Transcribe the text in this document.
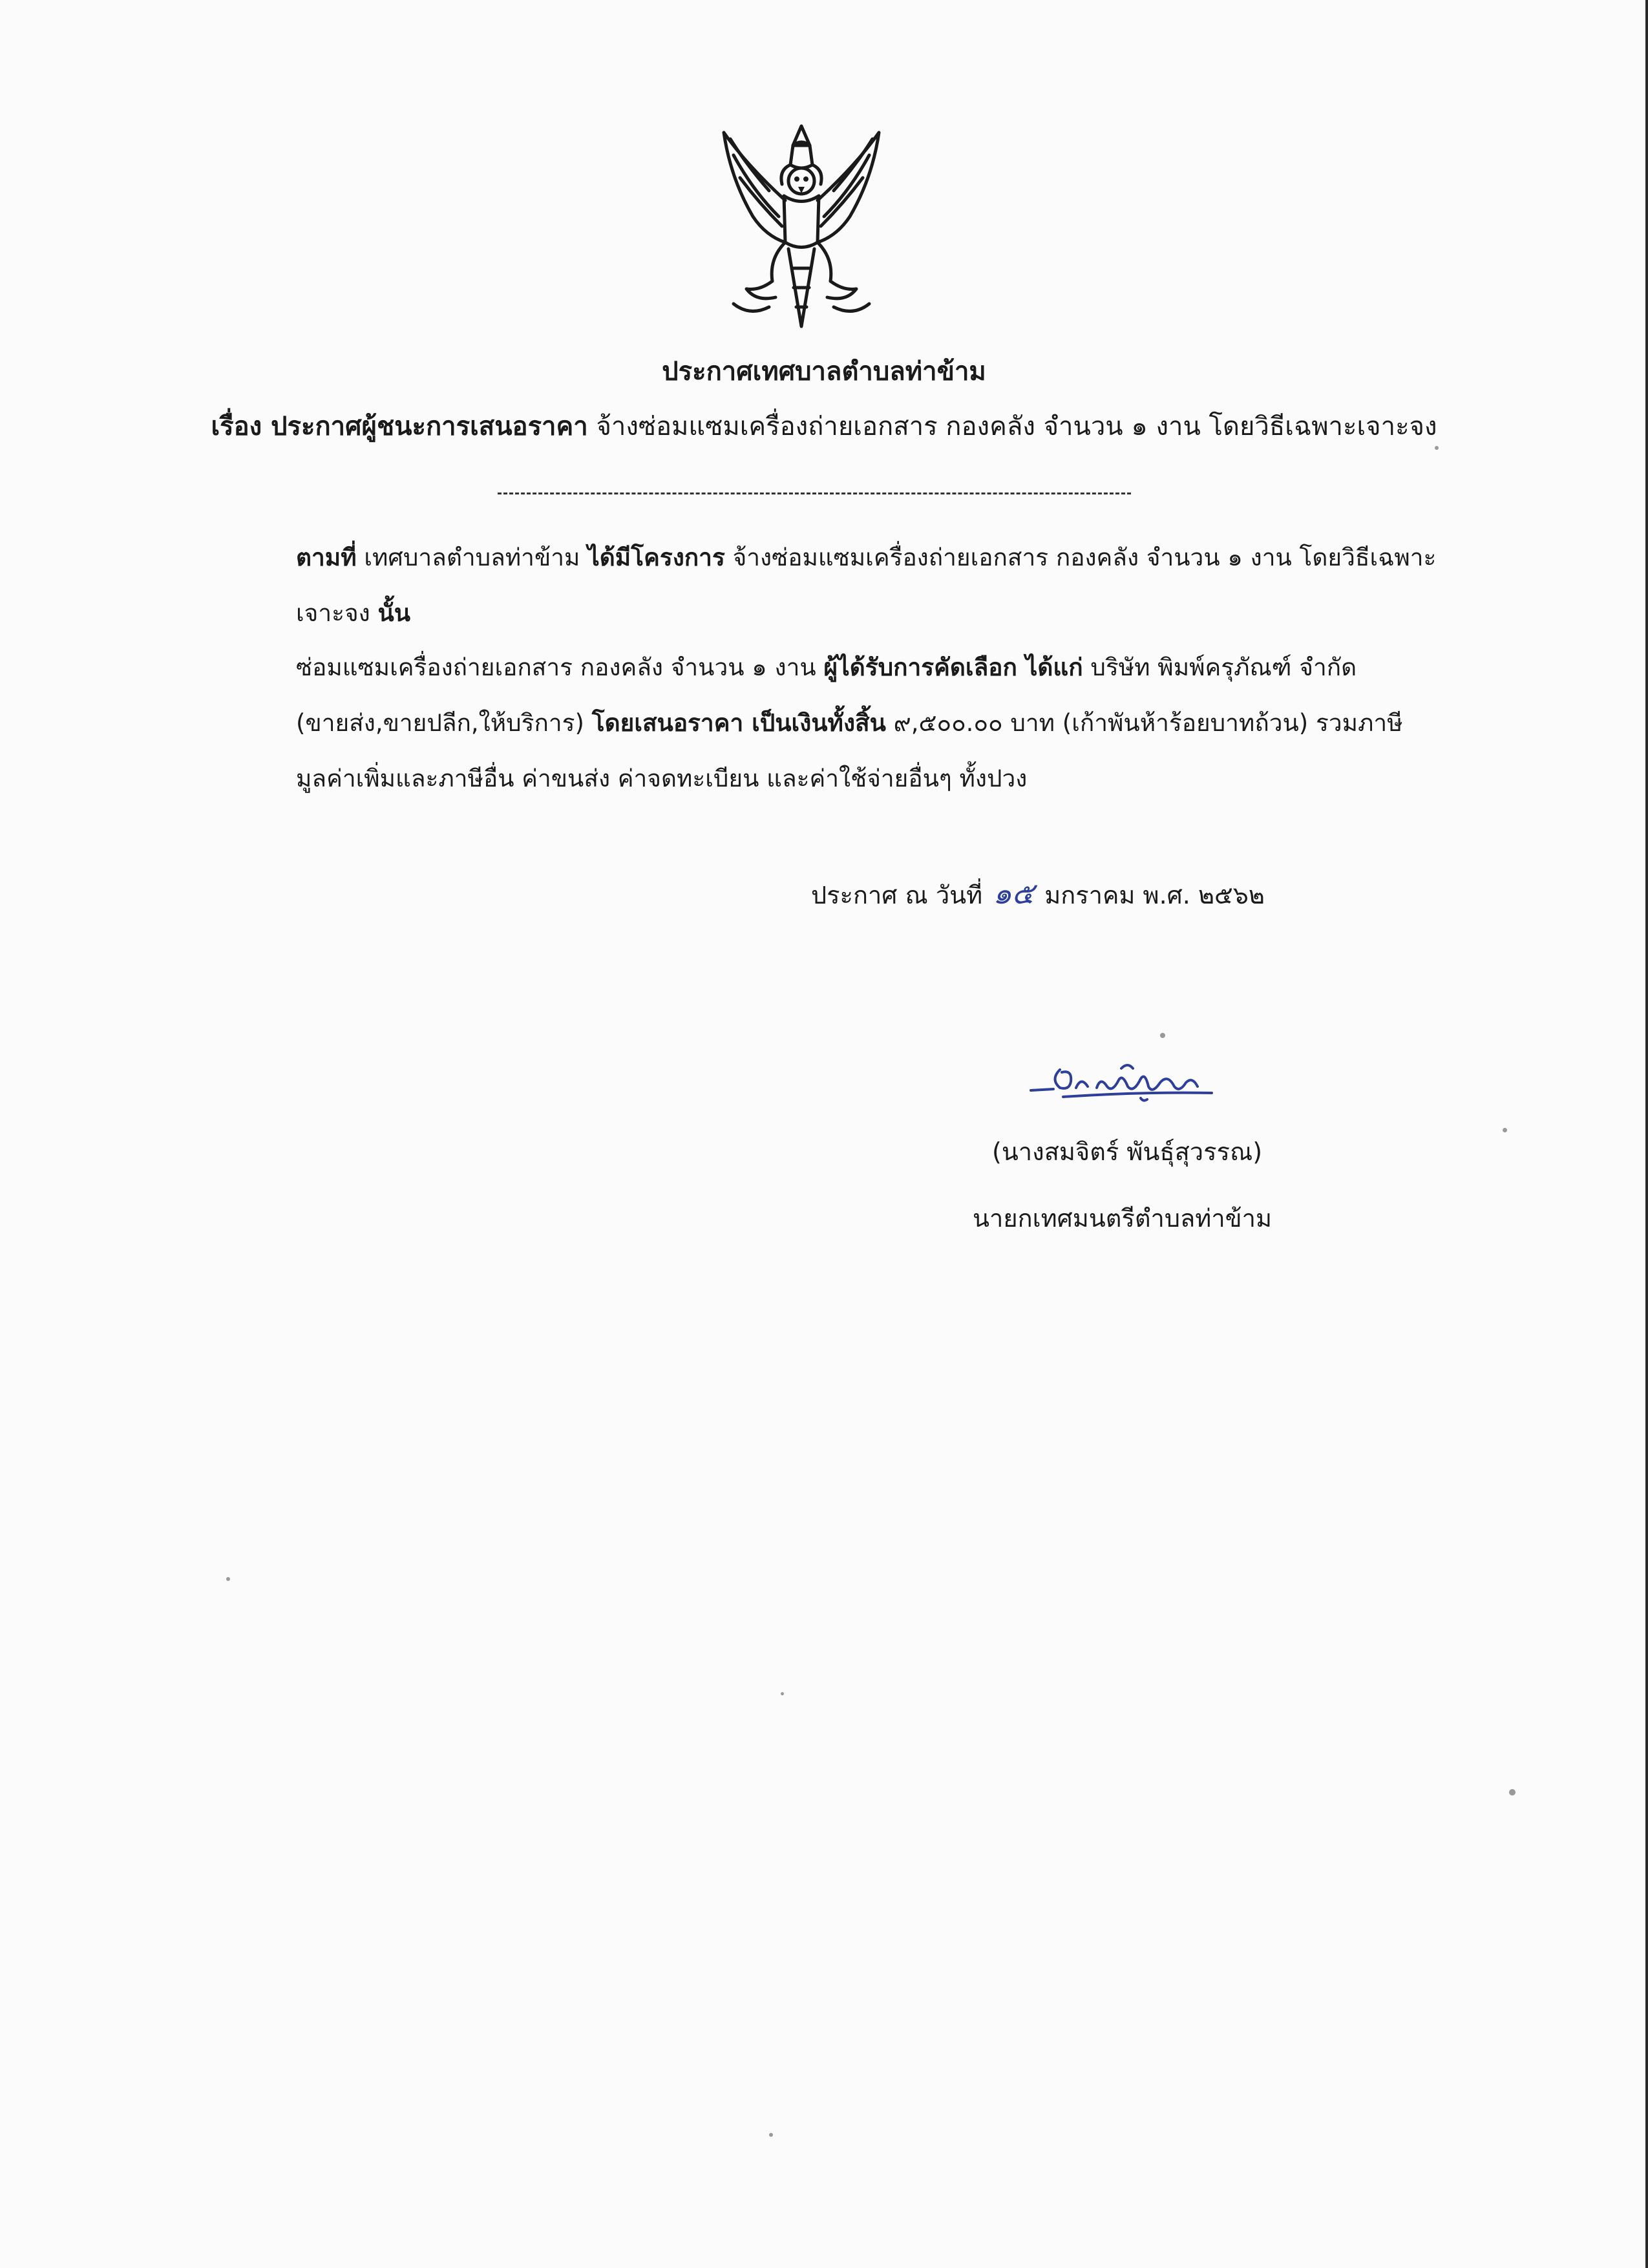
ประกาศเทศบาลตำบลท่าข้าม
เรื่อง ประกาศผู้ชนะการเสนอราคา จ้างซ่อมแซมเครื่องถ่ายเอกสาร กองคลัง จำนวน ๑ งาน โดยวิธีเฉพาะเจาะจง
ตามที่ เทศบาลตำบลท่าข้าม ได้มีโครงการ จ้างซ่อมแซมเครื่องถ่ายเอกสาร กองคลัง จำนวน ๑ งาน โดยวิธีเฉพาะเจาะจง นั้น
ซ่อมแซมเครื่องถ่ายเอกสาร กองคลัง จำนวน ๑ งาน ผู้ได้รับการคัดเลือก ได้แก่ บริษัท พิมพ์ครุภัณฑ์ จำกัด (ขายส่ง,ขายปลีก,ให้บริการ) โดยเสนอราคา เป็นเงินทั้งสิ้น ๙,๕๐๐.๐๐ บาท (เก้าพันห้าร้อยบาทถ้วน) รวมภาษีมูลค่าเพิ่มและภาษีอื่น ค่าขนส่ง ค่าจดทะเบียน และค่าใช้จ่ายอื่นๆ ทั้งปวง
ประกาศ ณ วันที่ ๑๕ มกราคม พ.ศ. ๒๕๖๒
(นางสมจิตร์ พันธุ์สุวรรณ)
นายกเทศมนตรีตำบลท่าข้าม
